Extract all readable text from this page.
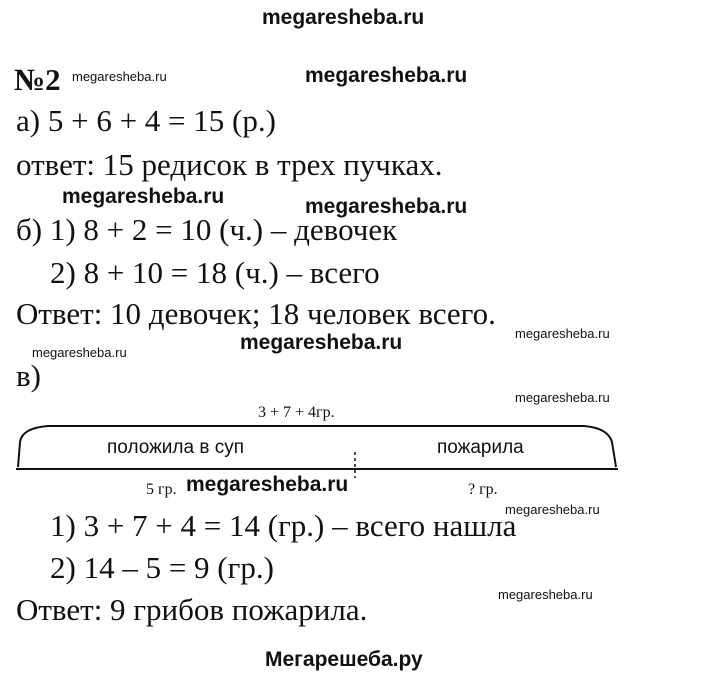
megaresheba.ru
megaresheba.ru	megaresheba.ru
megaresheba.ru
megaresheba.ru	megaresheba.ru
megaresheba.ru
megaresheba.ru
megaresheba.ru
megaresheba.ru
megaresheba.ru
megaresheba.ru
№2
а) 5 + 6 + 4 = 15 (р.)
ответ: 15 редисок в трех пучках.
б) 1) 8 + 2 = 10 (ч.) – девочек
2) 8 + 10 = 18 (ч.) – всего
Ответ: 10 девочек; 18 человек всего.
в)
3 + 7 + 4гр.
положила в суп	пожарила
5 гр.	? гр.
1) 3 + 7 + 4 = 14 (гр.) – всего нашла
2) 14 – 5 = 9 (гр.)
Ответ: 9 грибов пожарила.
Мегарешеба.ру
